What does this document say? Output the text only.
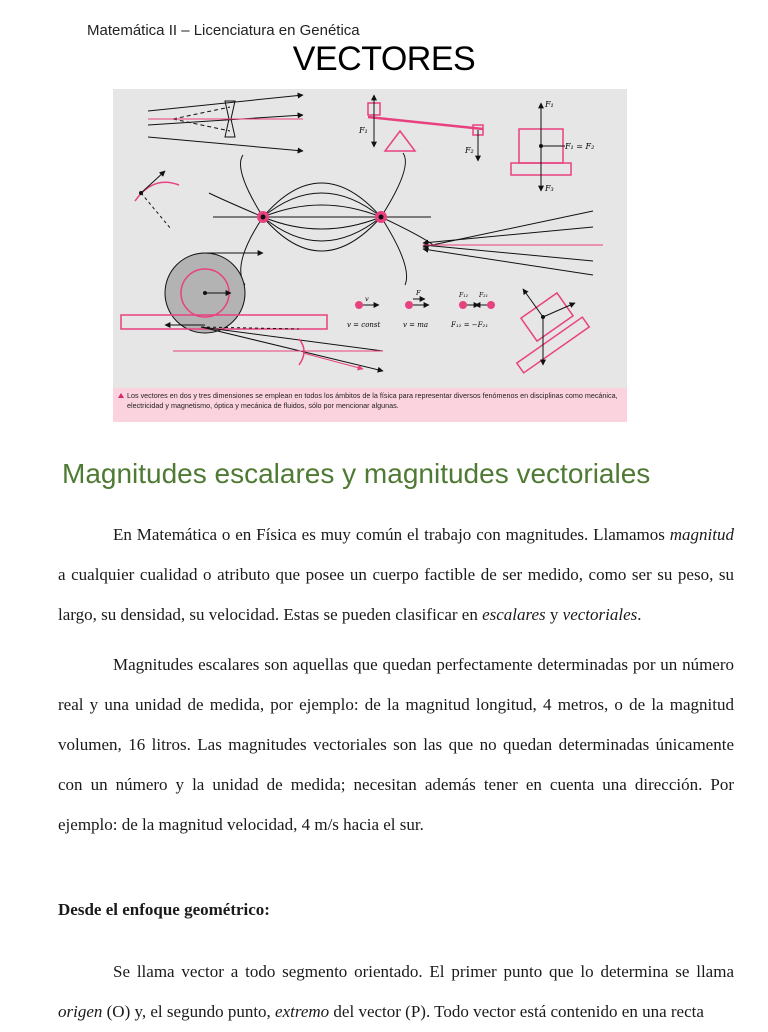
Matemática II – Licenciatura en Genética
VECTORES
F₁
F₂
F₁
F₁ = F₂
F₃
v
F	F₁₂ F₂₁
v = const	v = ma	F₁₂ = −F₂₁
Los vectores en dos y tres dimensiones se emplean en todos los ámbitos de la física para representar diversos fenómenos en disciplinas como mecánica, electricidad y magnetismo, óptica y mecánica de fluidos, sólo por mencionar algunas.
Magnitudes escalares y magnitudes vectoriales

En Matemática o en Física es muy común el trabajo con magnitudes. Llamamos magnitud a cualquier cualidad o atributo que posee un cuerpo factible de ser medido, como ser su peso, su largo, su densidad, su velocidad. Estas se pueden clasificar en escalares y vectoriales.

Magnitudes escalares son aquellas que quedan perfectamente determinadas por un número real y una unidad de medida, por ejemplo: de la magnitud longitud, 4 metros, o de la magnitud volumen, 16 litros. Las magnitudes vectoriales son las que no quedan determinadas únicamente con un número y la unidad de medida; necesitan además tener en cuenta una dirección. Por ejemplo: de la magnitud velocidad, 4 m/s hacia el sur.

Desde el enfoque geométrico:

Se llama vector a todo segmento orientado. El primer punto que lo determina se llama origen (O) y, el segundo punto, extremo del vector (P). Todo vector está contenido en una recta
